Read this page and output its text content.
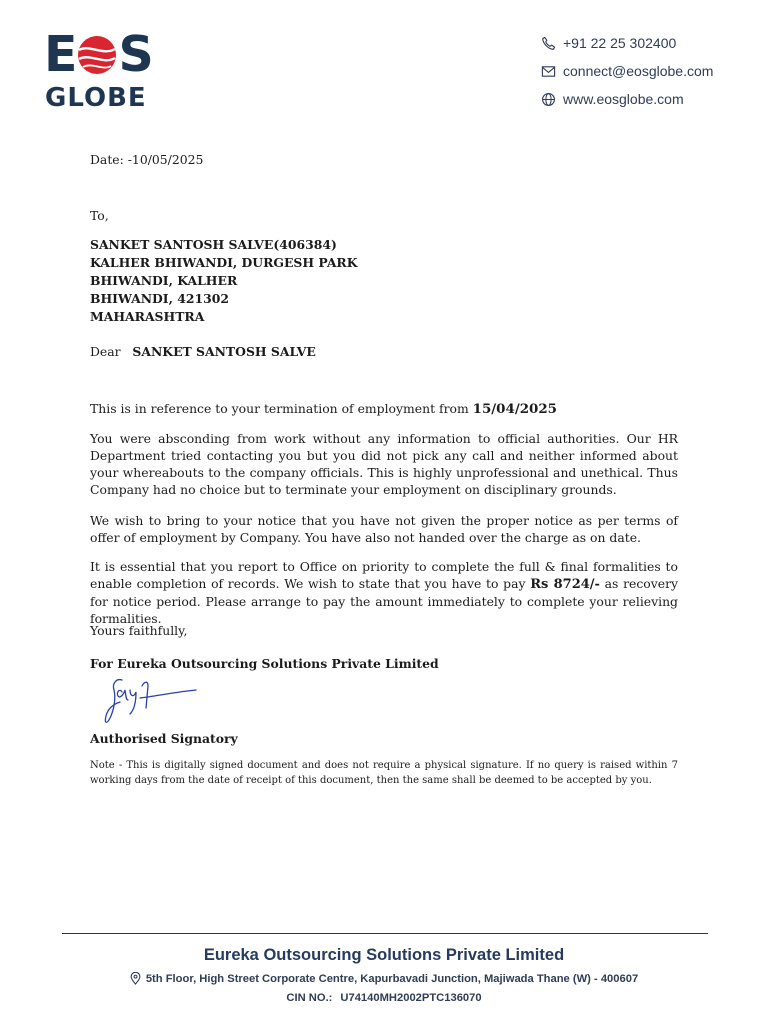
E S
GLOBE
+91 22 25 302400
connect@eosglobe.com
www.eosglobe.com
Date: -10/05/2025
To,
SANKET SANTOSH SALVE(406384)
KALHER BHIWANDI, DURGESH PARK
BHIWANDI, KALHER
BHIWANDI, 421302
MAHARASHTRA
Dear SANKET SANTOSH SALVE
This is in reference to your termination of employment from 15/04/2025
You were absconding from work without any information to official authorities. Our HR Department tried contacting you but you did not pick any call and neither informed about your whereabouts to the company officials. This is highly unprofessional and unethical. Thus Company had no choice but to terminate your employment on disciplinary grounds.
We wish to bring to your notice that you have not given the proper notice as per terms of offer of employment by Company. You have also not handed over the charge as on date.
It is essential that you report to Office on priority to complete the full & final formalities to enable completion of records. We wish to state that you have to pay Rs 8724/- as recovery for notice period. Please arrange to pay the amount immediately to complete your relieving formalities.
Yours faithfully,
For Eureka Outsourcing Solutions Private Limited
Authorised Signatory
Note - This is digitally signed document and does not require a physical signature. If no query is raised within 7 working days from the date of receipt of this document, then the same shall be deemed to be accepted by you.
Eureka Outsourcing Solutions Private Limited
5th Floor, High Street Corporate Centre, Kapurbavadi Junction, Majiwada Thane (W) - 400607
CIN NO.: U74140MH2002PTC136070
